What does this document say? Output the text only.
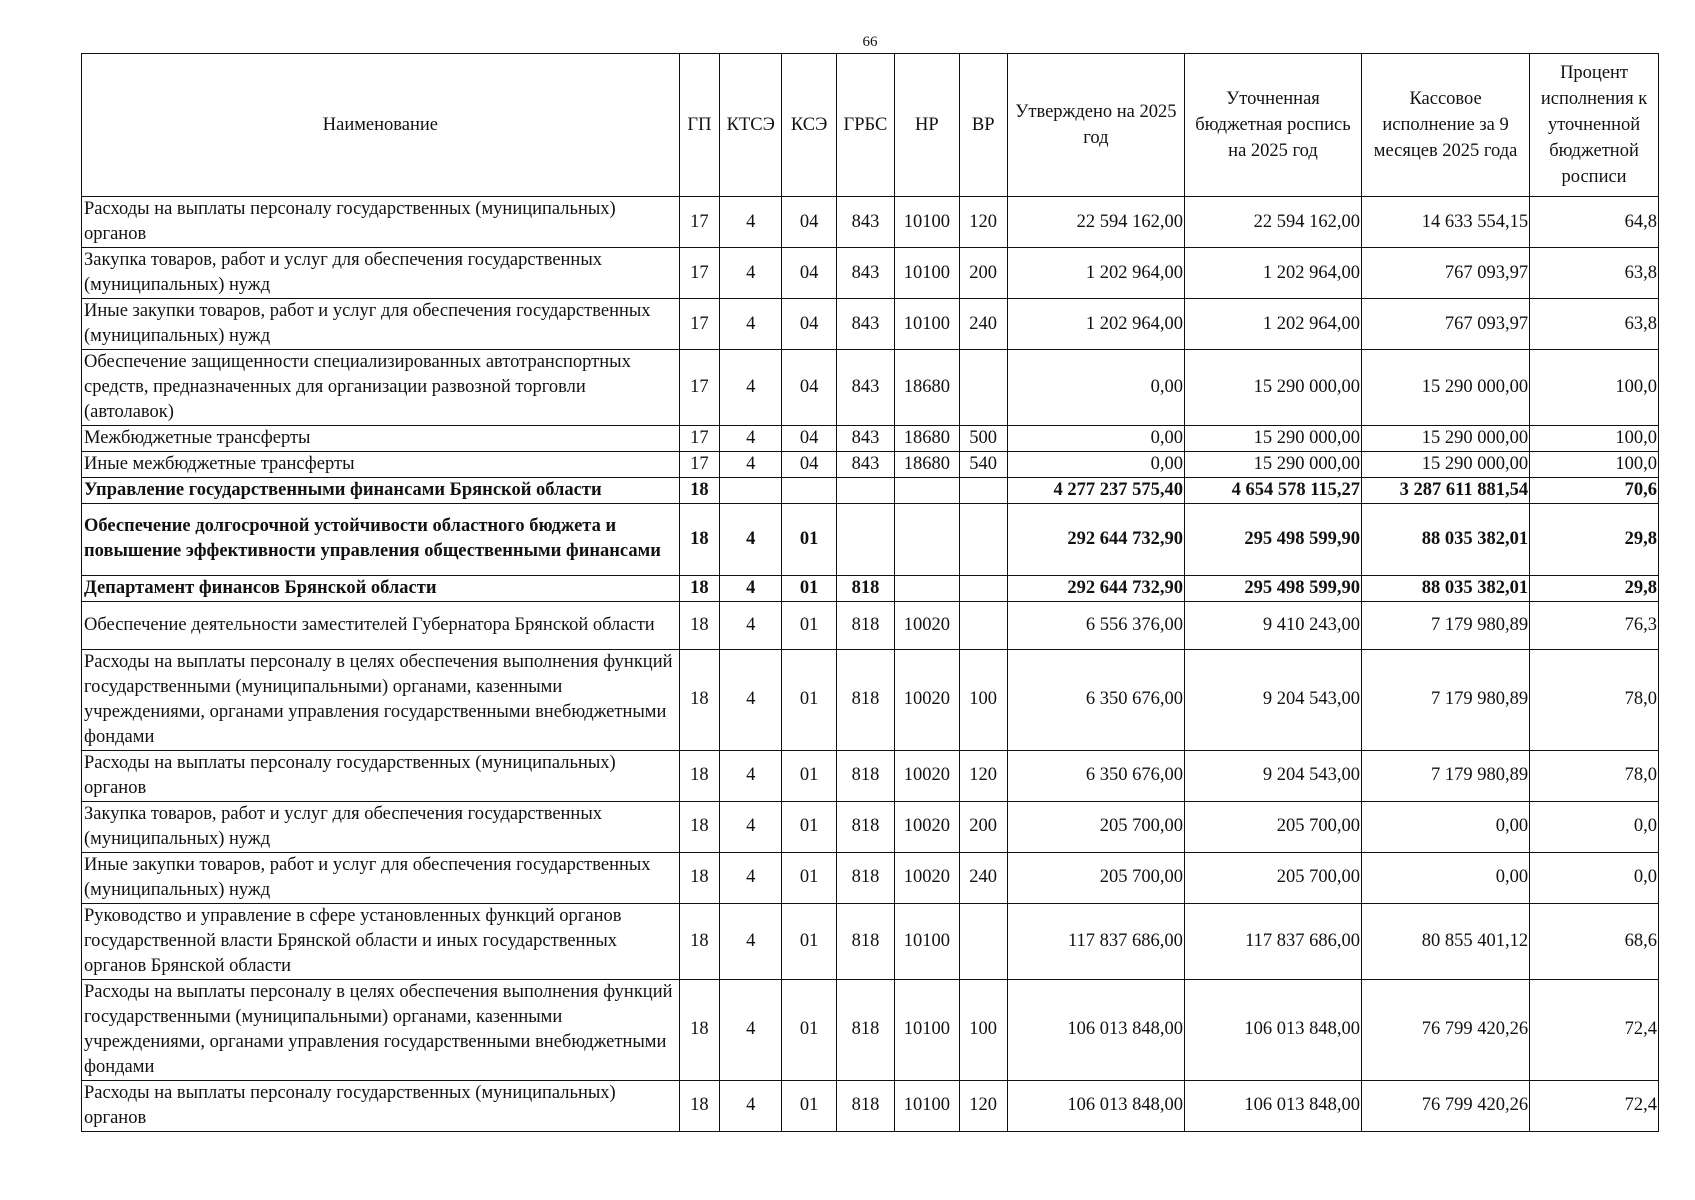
66
Наименование	ГП	КТСЭ	КСЭ	ГРБС	НР	ВР	Утверждено на 2025 год	Уточненная бюджетная роспись на 2025 год	Кассовое исполнение за 9 месяцев 2025 года	Процент исполнения к уточненной бюджетной росписи
Расходы на выплаты персоналу государственных (муниципальных) органов	17	4	04	843	10100	120	22 594 162,00	22 594 162,00	14 633 554,15	64,8
Закупка товаров, работ и услуг для обеспечения государственных (муниципальных) нужд	17	4	04	843	10100	200	1 202 964,00	1 202 964,00	767 093,97	63,8
Иные закупки товаров, работ и услуг для обеспечения государственных (муниципальных) нужд	17	4	04	843	10100	240	1 202 964,00	1 202 964,00	767 093,97	63,8
Обеспечение защищенности специализированных автотранспортных средств, предназначенных для организации развозной торговли (автолавок)	17	4	04	843	18680		0,00	15 290 000,00	15 290 000,00	100,0
Межбюджетные трансферты	17	4	04	843	18680	500	0,00	15 290 000,00	15 290 000,00	100,0
Иные межбюджетные трансферты	17	4	04	843	18680	540	0,00	15 290 000,00	15 290 000,00	100,0
Управление государственными финансами Брянской области	18						4 277 237 575,40	4 654 578 115,27	3 287 611 881,54	70,6
Обеспечение долгосрочной устойчивости областного бюджета и повышение эффективности управления общественными финансами	18	4	01				292 644 732,90	295 498 599,90	88 035 382,01	29,8
Департамент финансов Брянской области	18	4	01	818			292 644 732,90	295 498 599,90	88 035 382,01	29,8
Обеспечение деятельности заместителей Губернатора Брянской области	18	4	01	818	10020		6 556 376,00	9 410 243,00	7 179 980,89	76,3
Расходы на выплаты персоналу в целях обеспечения выполнения функций государственными (муниципальными) органами, казенными учреждениями, органами управления государственными внебюджетными фондами	18	4	01	818	10020	100	6 350 676,00	9 204 543,00	7 179 980,89	78,0
Расходы на выплаты персоналу государственных (муниципальных) органов	18	4	01	818	10020	120	6 350 676,00	9 204 543,00	7 179 980,89	78,0
Закупка товаров, работ и услуг для обеспечения государственных (муниципальных) нужд	18	4	01	818	10020	200	205 700,00	205 700,00	0,00	0,0
Иные закупки товаров, работ и услуг для обеспечения государственных (муниципальных) нужд	18	4	01	818	10020	240	205 700,00	205 700,00	0,00	0,0
Руководство и управление в сфере установленных функций органов государственной власти Брянской области и иных государственных органов Брянской области	18	4	01	818	10100		117 837 686,00	117 837 686,00	80 855 401,12	68,6
Расходы на выплаты персоналу в целях обеспечения выполнения функций государственными (муниципальными) органами, казенными учреждениями, органами управления государственными внебюджетными фондами	18	4	01	818	10100	100	106 013 848,00	106 013 848,00	76 799 420,26	72,4
Расходы на выплаты персоналу государственных (муниципальных) органов	18	4	01	818	10100	120	106 013 848,00	106 013 848,00	76 799 420,26	72,4
